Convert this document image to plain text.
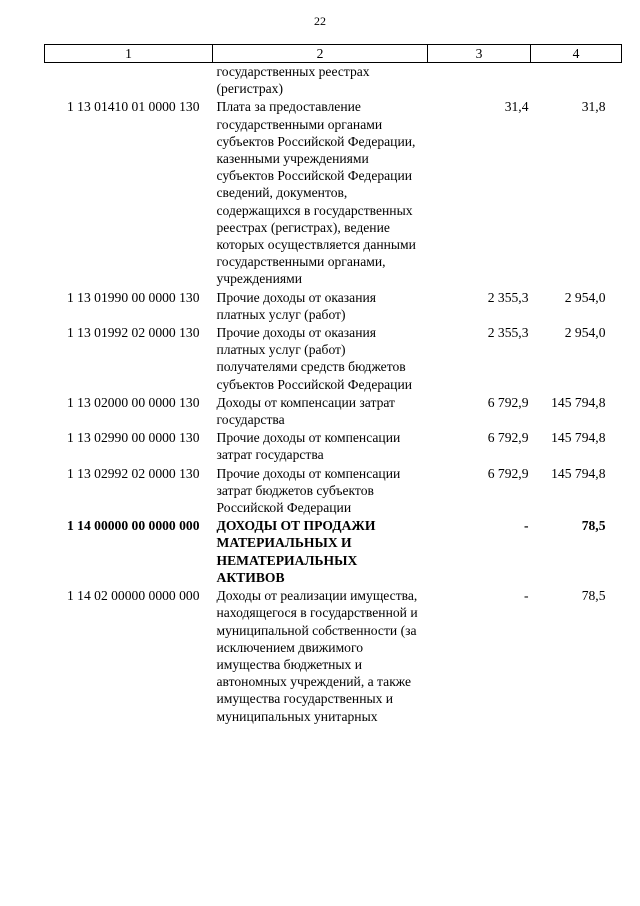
22
1	2	3	4
	государственных реестрах (регистрах)		
1 13 01410 01 0000 130	Плата за предоставление государственными органами субъектов Российской Федерации, казенными учреждениями субъектов Российской Федерации сведений, документов, содержащихся в государственных реестрах (регистрах), ведение которых осуществляется данными государственными органами, учреждениями	31,4	31,8
1 13 01990 00 0000 130	Прочие доходы от оказания платных услуг (работ)	2 355,3	2 954,0
1 13 01992 02 0000 130	Прочие доходы от оказания платных услуг (работ) получателями средств бюджетов субъектов Российской Федерации	2 355,3	2 954,0
1 13 02000 00 0000 130	Доходы от компенсации затрат государства	6 792,9	145 794,8
1 13 02990 00 0000 130	Прочие доходы от компенсации затрат государства	6 792,9	145 794,8
1 13 02992 02 0000 130	Прочие доходы от компенсации затрат бюджетов субъектов Российской Федерации	6 792,9	145 794,8
1 14 00000 00 0000 000	ДОХОДЫ ОТ ПРОДАЖИ МАТЕРИАЛЬНЫХ И НЕМАТЕРИАЛЬНЫХ АКТИВОВ	-	78,5
1 14 02 00000 0000 000	Доходы от реализации имущества, находящегося в государственной и муниципальной собственности (за исключением движимого имущества бюджетных и автономных учреждений, а также имущества государственных и муниципальных унитарных	-	78,5
